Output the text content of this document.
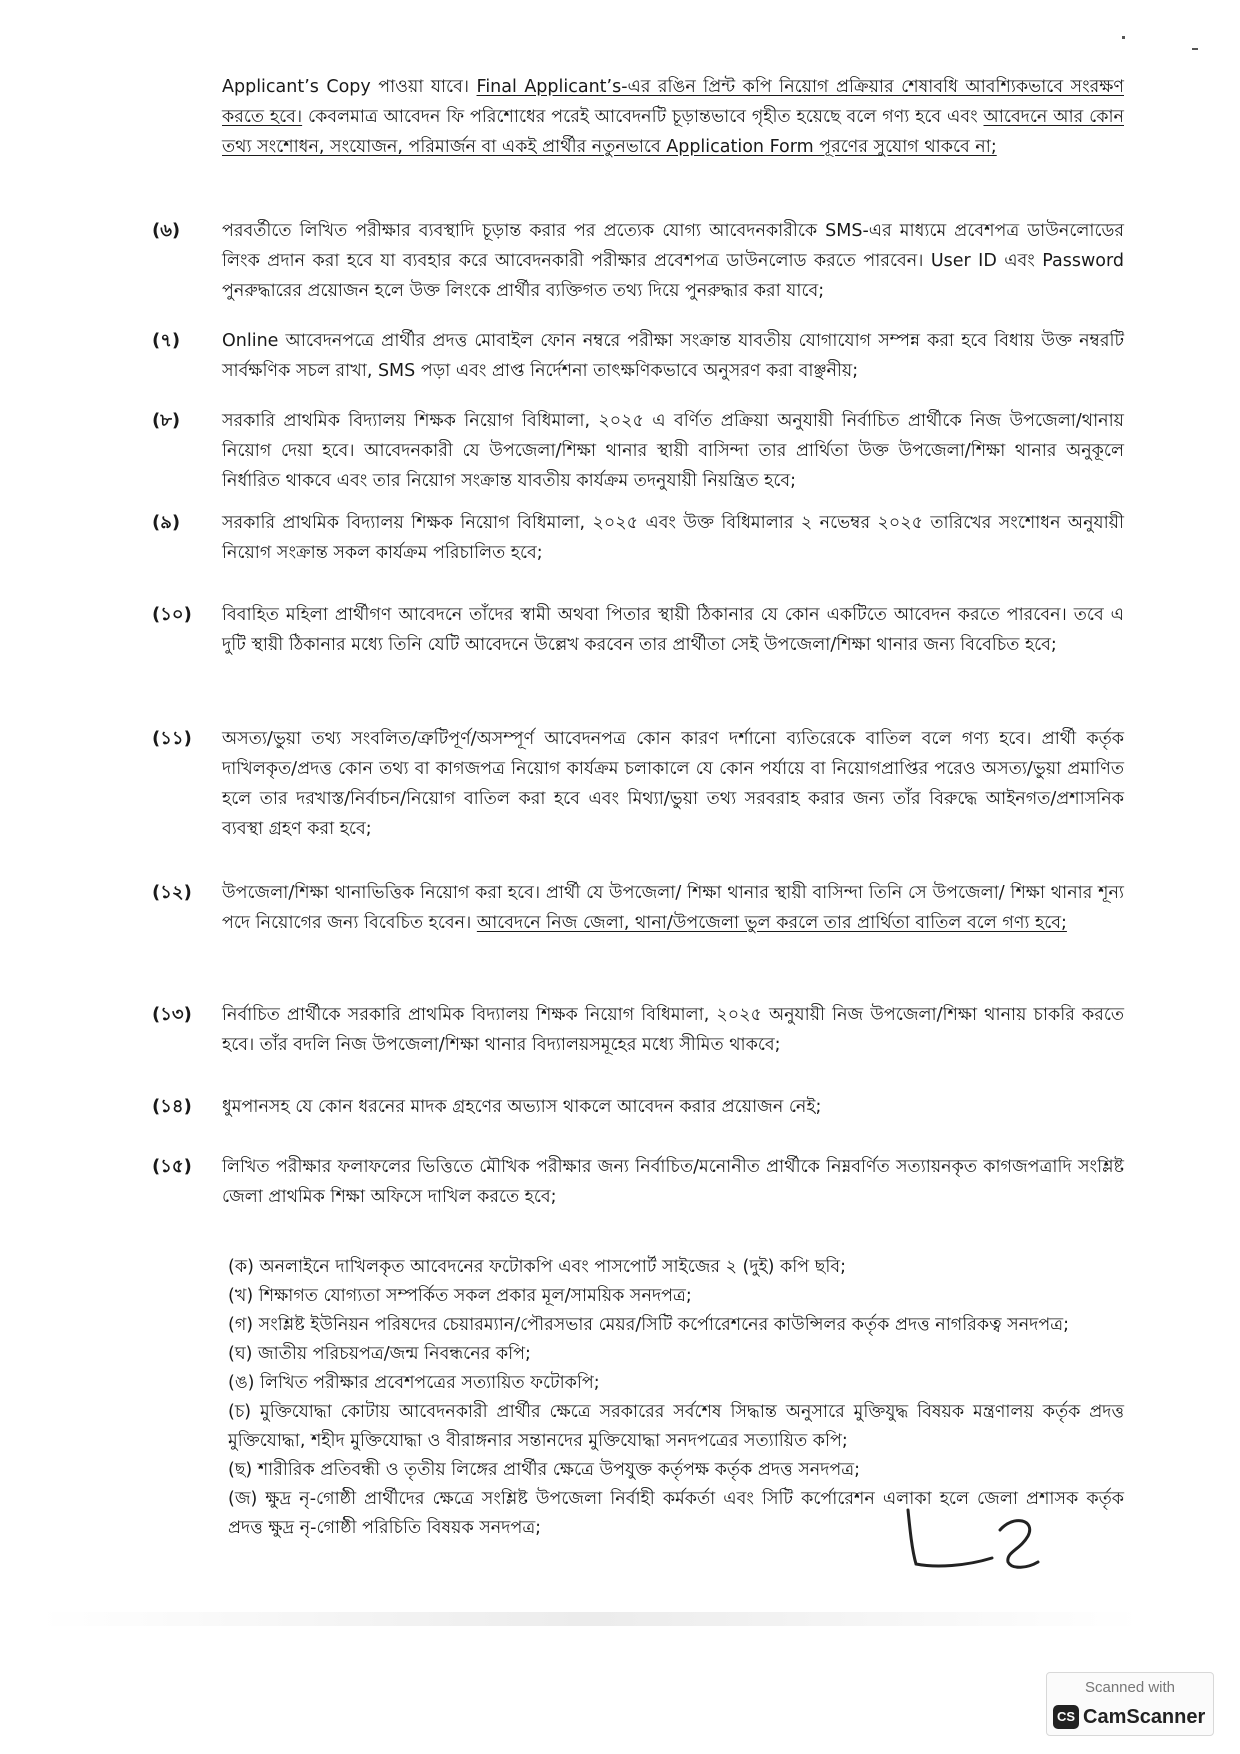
Applicant’s Copy পাওয়া যাবে। Final Applicant’s-এর রঙিন প্রিন্ট কপি নিয়োগ প্রক্রিয়ার শেষাবধি আবশ্যিকভাবে সংরক্ষণ করতে হবে। কেবলমাত্র আবেদন ফি পরিশোধের পরেই আবেদনটি চূড়ান্তভাবে গৃহীত হয়েছে বলে গণ্য হবে এবং আবেদনে আর কোন তথ্য সংশোধন, সংযোজন, পরিমার্জন বা একই প্রার্থীর নতুনভাবে Application Form পূরণের সুযোগ থাকবে না;
(৬)	পরবর্তীতে লিখিত পরীক্ষার ব্যবস্থাদি চূড়ান্ত করার পর প্রত্যেক যোগ্য আবেদনকারীকে SMS-এর মাধ্যমে প্রবেশপত্র ডাউনলোডের লিংক প্রদান করা হবে যা ব্যবহার করে আবেদনকারী পরীক্ষার প্রবেশপত্র ডাউনলোড করতে পারবেন। User ID এবং Password পুনরুদ্ধারের প্রয়োজন হলে উক্ত লিংকে প্রার্থীর ব্যক্তিগত তথ্য দিয়ে পুনরুদ্ধার করা যাবে;
(৭)	Online আবেদনপত্রে প্রার্থীর প্রদত্ত মোবাইল ফোন নম্বরে পরীক্ষা সংক্রান্ত যাবতীয় যোগাযোগ সম্পন্ন করা হবে বিধায় উক্ত নম্বরটি সার্বক্ষণিক সচল রাখা, SMS পড়া এবং প্রাপ্ত নির্দেশনা তাৎক্ষণিকভাবে অনুসরণ করা বাঞ্ছনীয়;
(৮)	সরকারি প্রাথমিক বিদ্যালয় শিক্ষক নিয়োগ বিধিমালা, ২০২৫ এ বর্ণিত প্রক্রিয়া অনুযায়ী নির্বাচিত প্রার্থীকে নিজ উপজেলা/থানায় নিয়োগ দেয়া হবে। আবেদনকারী যে উপজেলা/শিক্ষা থানার স্থায়ী বাসিন্দা তার প্রার্থিতা উক্ত উপজেলা/শিক্ষা থানার অনুকূলে নির্ধারিত থাকবে এবং তার নিয়োগ সংক্রান্ত যাবতীয় কার্যক্রম তদনুযায়ী নিয়ন্ত্রিত হবে;
(৯)	সরকারি প্রাথমিক বিদ্যালয় শিক্ষক নিয়োগ বিধিমালা, ২০২৫ এবং উক্ত বিধিমালার ২ নভেম্বর ২০২৫ তারিখের সংশোধন অনুযায়ী নিয়োগ সংক্রান্ত সকল কার্যক্রম পরিচালিত হবে;
(১০)	বিবাহিত মহিলা প্রার্থীগণ আবেদনে তাঁদের স্বামী অথবা পিতার স্থায়ী ঠিকানার যে কোন একটিতে আবেদন করতে পারবেন। তবে এ দুটি স্থায়ী ঠিকানার মধ্যে তিনি যেটি আবেদনে উল্লেখ করবেন তার প্রার্থীতা সেই উপজেলা/শিক্ষা থানার জন্য বিবেচিত হবে;
(১১)	অসত্য/ভুয়া তথ্য সংবলিত/ত্রুটিপূর্ণ/অসম্পূর্ণ আবেদনপত্র কোন কারণ দর্শানো ব্যতিরেকে বাতিল বলে গণ্য হবে। প্রার্থী কর্তৃক দাখিলকৃত/প্রদত্ত কোন তথ্য বা কাগজপত্র নিয়োগ কার্যক্রম চলাকালে যে কোন পর্যায়ে বা নিয়োগপ্রাপ্তির পরেও অসত্য/ভুয়া প্রমাণিত হলে তার দরখাস্ত/নির্বাচন/নিয়োগ বাতিল করা হবে এবং মিথ্যা/ভুয়া তথ্য সরবরাহ করার জন্য তাঁর বিরুদ্ধে আইনগত/প্রশাসনিক ব্যবস্থা গ্রহণ করা হবে;
(১২)	উপজেলা/শিক্ষা থানাভিত্তিক নিয়োগ করা হবে। প্রার্থী যে উপজেলা/ শিক্ষা থানার স্থায়ী বাসিন্দা তিনি সে উপজেলা/ শিক্ষা থানার শূন্য পদে নিয়োগের জন্য বিবেচিত হবেন। আবেদনে নিজ জেলা, থানা/উপজেলা ভুল করলে তার প্রার্থিতা বাতিল বলে গণ্য হবে;
(১৩)	নির্বাচিত প্রার্থীকে সরকারি প্রাথমিক বিদ্যালয় শিক্ষক নিয়োগ বিধিমালা, ২০২৫ অনুযায়ী নিজ উপজেলা/শিক্ষা থানায় চাকরি করতে হবে। তাঁর বদলি নিজ উপজেলা/শিক্ষা থানার বিদ্যালয়সমূহের মধ্যে সীমিত থাকবে;
(১৪)	ধুমপানসহ যে কোন ধরনের মাদক গ্রহণের অভ্যাস থাকলে আবেদন করার প্রয়োজন নেই;
(১৫)	লিখিত পরীক্ষার ফলাফলের ভিত্তিতে মৌখিক পরীক্ষার জন্য নির্বাচিত/মনোনীত প্রার্থীকে নিম্নবর্ণিত সত্যায়নকৃত কাগজপত্রাদি সংশ্লিষ্ট জেলা প্রাথমিক শিক্ষা অফিসে দাখিল করতে হবে;
(ক) অনলাইনে দাখিলকৃত আবেদনের ফটোকপি এবং পাসপোর্ট সাইজের ২ (দুই) কপি ছবি;
(খ) শিক্ষাগত যোগ্যতা সম্পর্কিত সকল প্রকার মূল/সাময়িক সনদপত্র;
(গ) সংশ্লিষ্ট ইউনিয়ন পরিষদের চেয়ারম্যান/পৌরসভার মেয়র/সিটি কর্পোরেশনের কাউন্সিলর কর্তৃক প্রদত্ত নাগরিকত্ব সনদপত্র;
(ঘ) জাতীয় পরিচয়পত্র/জন্ম নিবন্ধনের কপি;
(ঙ) লিখিত পরীক্ষার প্রবেশপত্রের সত্যায়িত ফটোকপি;
(চ) মুক্তিযোদ্ধা কোটায় আবেদনকারী প্রার্থীর ক্ষেত্রে সরকারের সর্বশেষ সিদ্ধান্ত অনুসারে মুক্তিযুদ্ধ বিষয়ক মন্ত্রণালয় কর্তৃক প্রদত্ত মুক্তিযোদ্ধা, শহীদ মুক্তিযোদ্ধা ও বীরাঙ্গনার সন্তানদের মুক্তিযোদ্ধা সনদপত্রের সত্যায়িত কপি;
(ছ) শারীরিক প্রতিবন্ধী ও তৃতীয় লিঙ্গের প্রার্থীর ক্ষেত্রে উপযুক্ত কর্তৃপক্ষ কর্তৃক প্রদত্ত সনদপত্র;
(জ) ক্ষুদ্র নৃ-গোষ্ঠী প্রার্থীদের ক্ষেত্রে সংশ্লিষ্ট উপজেলা নির্বাহী কর্মকর্তা এবং সিটি কর্পোরেশন এলাকা হলে জেলা প্রশাসক কর্তৃক প্রদত্ত ক্ষুদ্র নৃ-গোষ্ঠী পরিচিতি বিষয়ক সনদপত্র;
Scanned with
CS CamScanner
